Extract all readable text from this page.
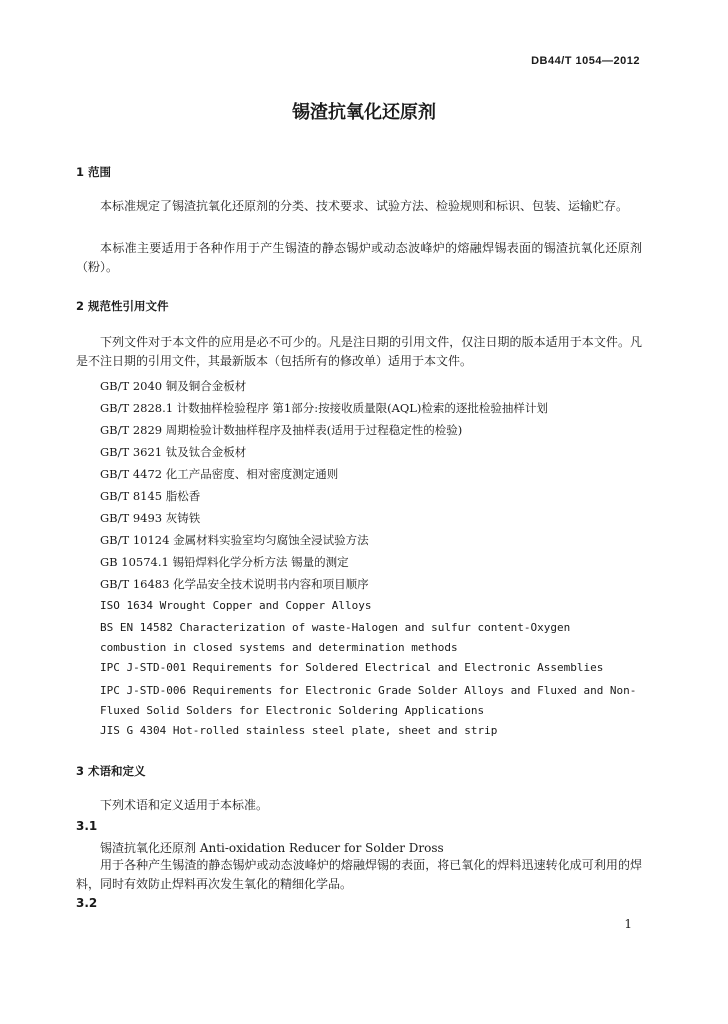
DB44/T 1054—2012
锡渣抗氧化还原剂
1 范围
本标准规定了锡渣抗氧化还原剂的分类、技术要求、试验方法、检验规则和标识、包装、运输贮存。
本标准主要适用于各种作用于产生锡渣的静态锡炉或动态波峰炉的熔融焊锡表面的锡渣抗氧化还原剂（粉）。
2 规范性引用文件
下列文件对于本文件的应用是必不可少的。凡是注日期的引用文件，仅注日期的版本适用于本文件。凡是不注日期的引用文件，其最新版本（包括所有的修改单）适用于本文件。
GB/T 2040 铜及铜合金板材
GB/T 2828.1 计数抽样检验程序 第1部分:按接收质量限(AQL)检索的逐批检验抽样计划
GB/T 2829 周期检验计数抽样程序及抽样表(适用于过程稳定性的检验)
GB/T 3621 钛及钛合金板材
GB/T 4472 化工产品密度、相对密度测定通则
GB/T 8145 脂松香
GB/T 9493 灰铸铁
GB/T 10124 金属材料实验室均匀腐蚀全浸试验方法
GB 10574.1 锡铅焊料化学分析方法 锡量的测定
GB/T 16483 化学品安全技术说明书内容和项目顺序
ISO 1634 Wrought Copper and Copper Alloys
BS EN 14582 Characterization of waste-Halogen and sulfur content-Oxygen combustion in closed systems and determination methods
IPC J-STD-001 Requirements for Soldered Electrical and Electronic Assemblies
IPC J-STD-006 Requirements for Electronic Grade Solder Alloys and Fluxed and Non-Fluxed Solid Solders for Electronic Soldering Applications
JIS G 4304 Hot-rolled stainless steel plate, sheet and strip
3 术语和定义
下列术语和定义适用于本标准。
3.1
锡渣抗氧化还原剂 Anti-oxidation Reducer for Solder Dross
用于各种产生锡渣的静态锡炉或动态波峰炉的熔融焊锡的表面，将已氧化的焊料迅速转化成可利用的焊料，同时有效防止焊料再次发生氧化的精细化学品。
3.2
1
